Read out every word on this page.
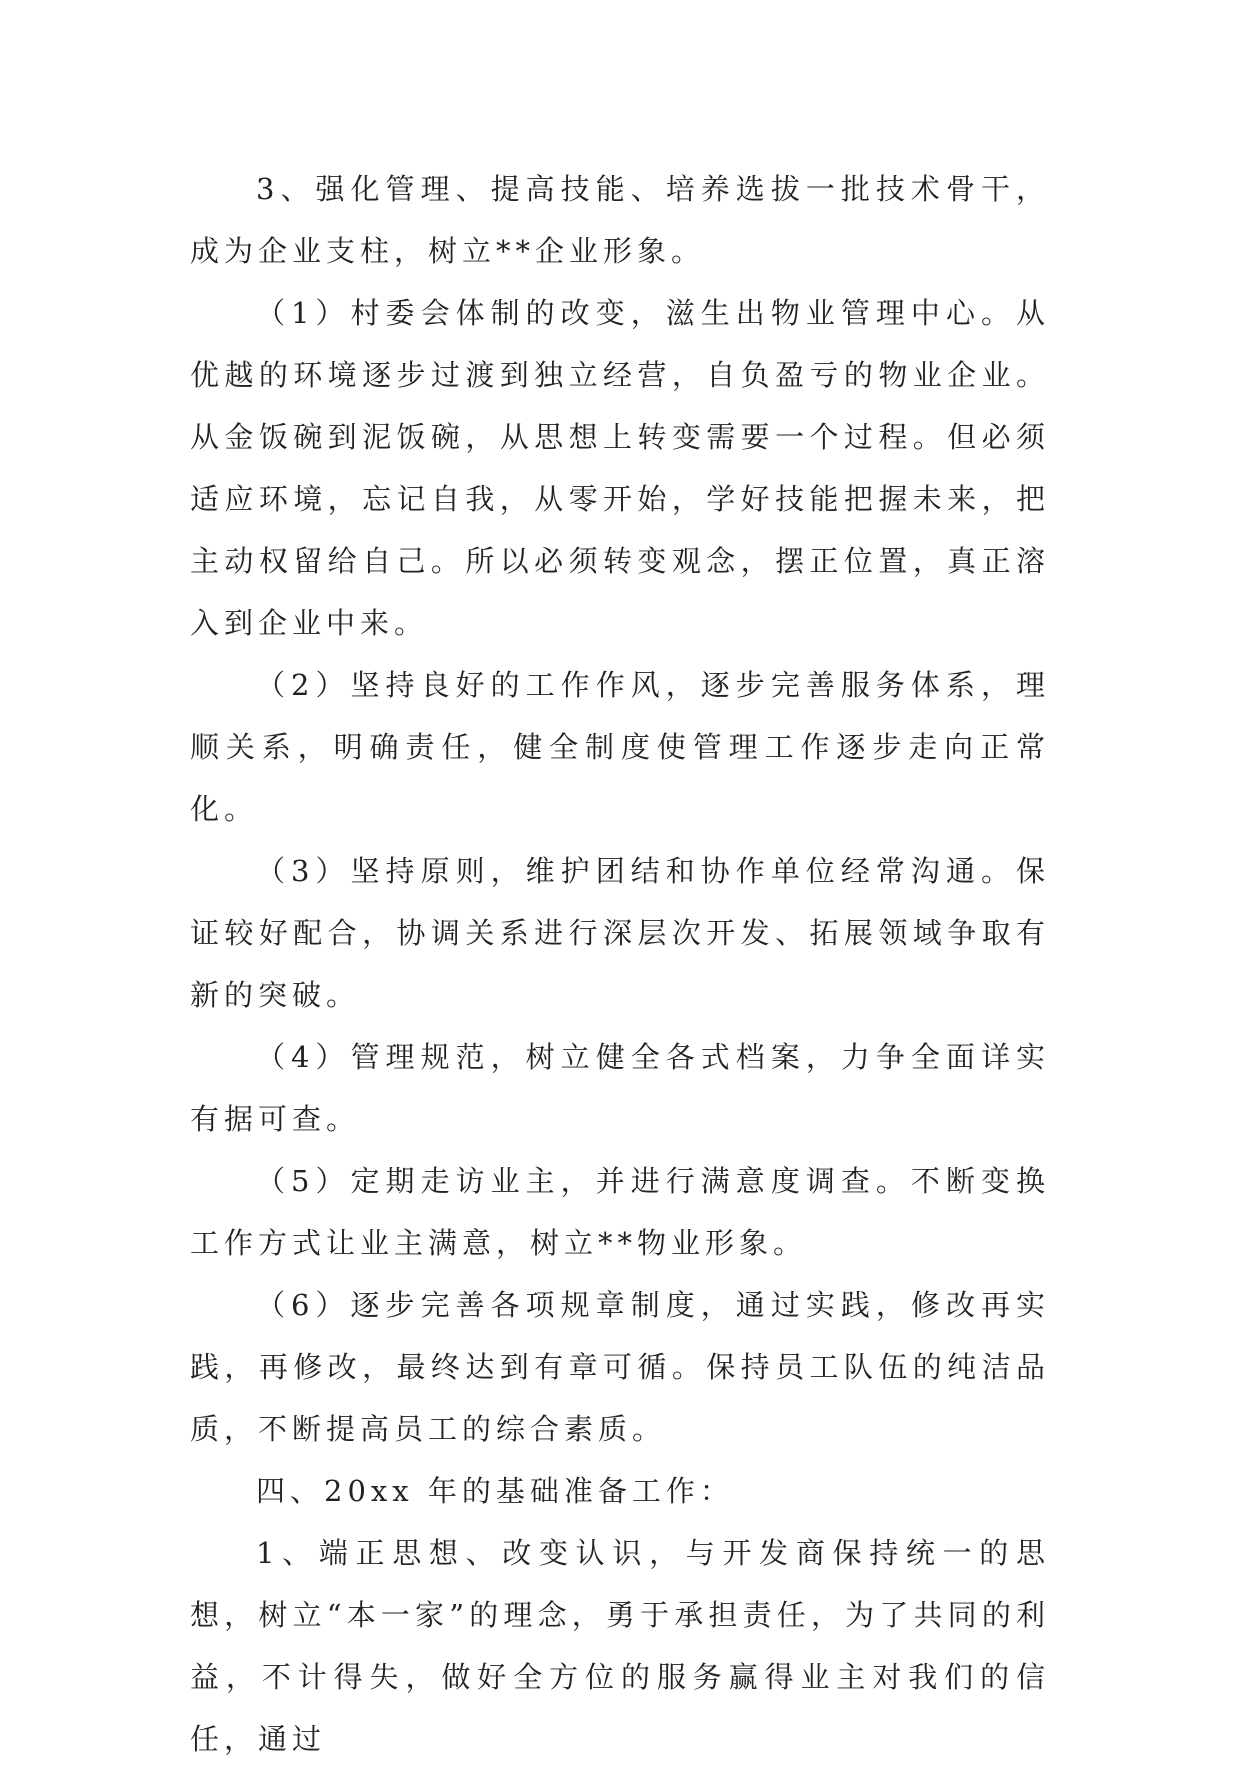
3、强化管理、提高技能、培养选拔一批技术骨干，成为企业支柱，树立**企业形象。

（1）村委会体制的改变，滋生出物业管理中心。从优越的环境逐步过渡到独立经营，自负盈亏的物业企业。从金饭碗到泥饭碗，从思想上转变需要一个过程。但必须适应环境，忘记自我，从零开始，学好技能把握未来，把主动权留给自己。所以必须转变观念，摆正位置，真正溶入到企业中来。

（2）坚持良好的工作作风，逐步完善服务体系，理顺关系，明确责任，健全制度使管理工作逐步走向正常化。

（3）坚持原则，维护团结和协作单位经常沟通。保证较好配合，协调关系进行深层次开发、拓展领域争取有新的突破。

（4）管理规范，树立健全各式档案，力争全面详实有据可查。

（5）定期走访业主，并进行满意度调查。不断变换工作方式让业主满意，树立**物业形象。

（6）逐步完善各项规章制度，通过实践，修改再实践，再修改，最终达到有章可循。保持员工队伍的纯洁品质，不断提高员工的综合素质。

四、20xx 年的基础准备工作：

1、端正思想、改变认识，与开发商保持统一的思想，树立“本一家”的理念，勇于承担责任，为了共同的利益，不计得失，做好全方位的服务赢得业主对我们的信任，通过
